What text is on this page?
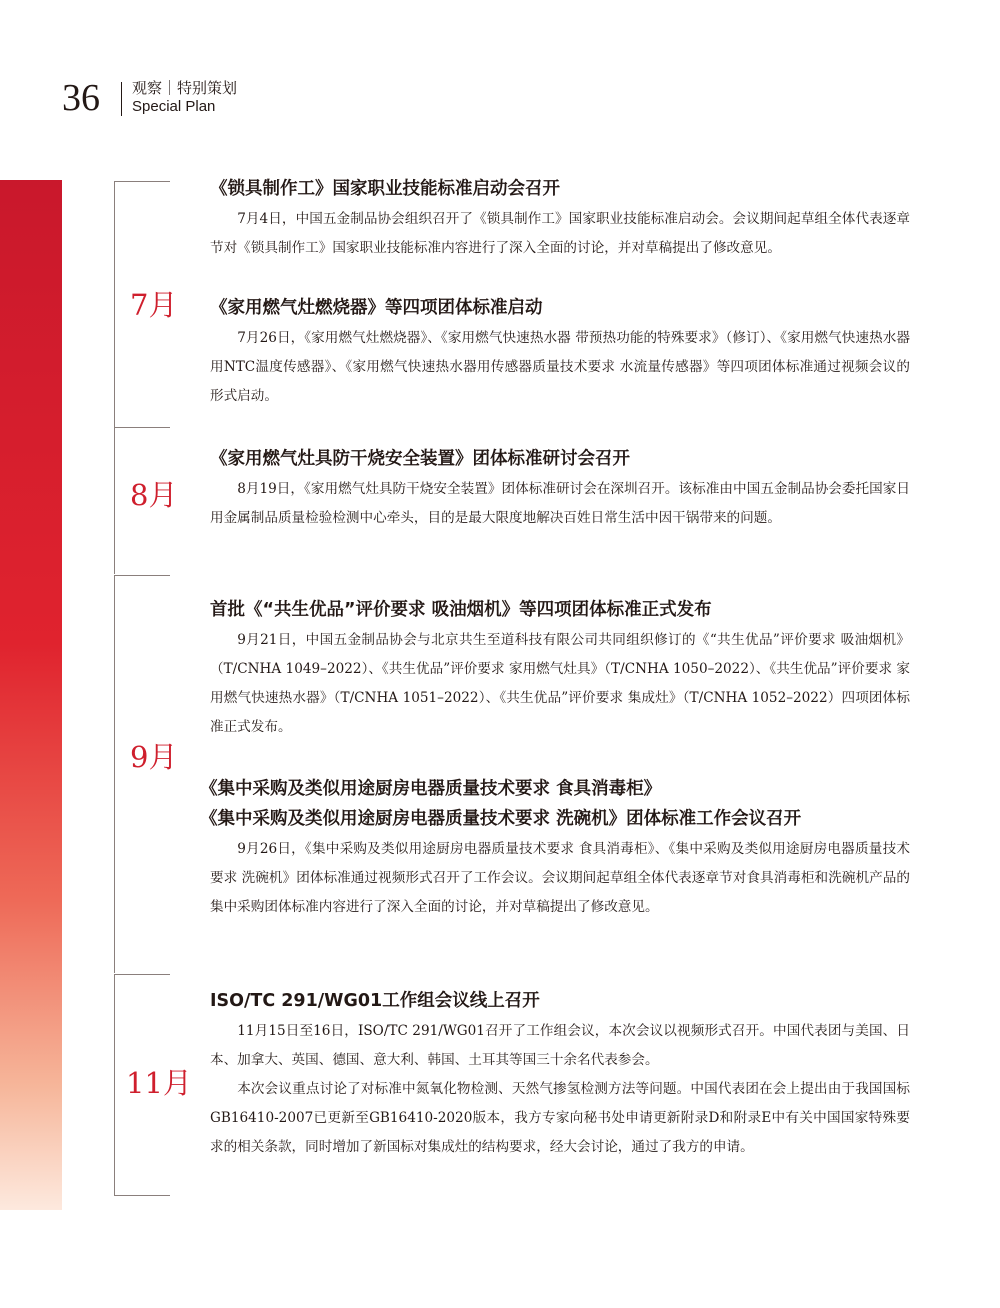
36 观察｜特别策划
Special Plan
7月
8月
9月
11月
《锁具制作工》国家职业技能标准启动会召开
7月4日，中国五金制品协会组织召开了《锁具制作工》国家职业技能标准启动会。会议期间起草组全体代表逐章节对《锁具制作工》国家职业技能标准内容进行了深入全面的讨论，并对草稿提出了修改意见。
《家用燃气灶燃烧器》等四项团体标准启动
7月26日，《家用燃气灶燃烧器》、《家用燃气快速热水器 带预热功能的特殊要求》（修订）、《家用燃气快速热水器用NTC温度传感器》、《家用燃气快速热水器用传感器质量技术要求 水流量传感器》等四项团体标准通过视频会议的形式启动。
《家用燃气灶具防干烧安全装置》团体标准研讨会召开
8月19日，《家用燃气灶具防干烧安全装置》团体标准研讨会在深圳召开。该标准由中国五金制品协会委托国家日用金属制品质量检验检测中心牵头，目的是最大限度地解决百姓日常生活中因干锅带来的问题。
首批《“共生优品”评价要求 吸油烟机》等四项团体标准正式发布
9月21日，中国五金制品协会与北京共生至道科技有限公司共同组织修订的《“共生优品”评价要求 吸油烟机》（T/CNHA 1049–2022）、《共生优品”评价要求 家用燃气灶具》（T/CNHA 1050–2022）、《共生优品”评价要求 家用燃气快速热水器》（T/CNHA 1051–2022）、《共生优品”评价要求 集成灶》（T/CNHA 1052–2022）四项团体标准正式发布。
《集中采购及类似用途厨房电器质量技术要求 食具消毒柜》
《集中采购及类似用途厨房电器质量技术要求 洗碗机》团体标准工作会议召开
9月26日，《集中采购及类似用途厨房电器质量技术要求 食具消毒柜》、《集中采购及类似用途厨房电器质量技术要求 洗碗机》团体标准通过视频形式召开了工作会议。会议期间起草组全体代表逐章节对食具消毒柜和洗碗机产品的集中采购团体标准内容进行了深入全面的讨论，并对草稿提出了修改意见。
ISO/TC 291/WG01工作组会议线上召开
11月15日至16日，ISO/TC 291/WG01召开了工作组会议，本次会议以视频形式召开。中国代表团与美国、日本、加拿大、英国、德国、意大利、韩国、土耳其等国三十余名代表参会。
本次会议重点讨论了对标准中氮氧化物检测、天然气掺氢检测方法等问题。中国代表团在会上提出由于我国国标GB16410-2007已更新至GB16410-2020版本，我方专家向秘书处申请更新附录D和附录E中有关中国国家特殊要求的相关条款，同时增加了新国标对集成灶的结构要求，经大会讨论，通过了我方的申请。
